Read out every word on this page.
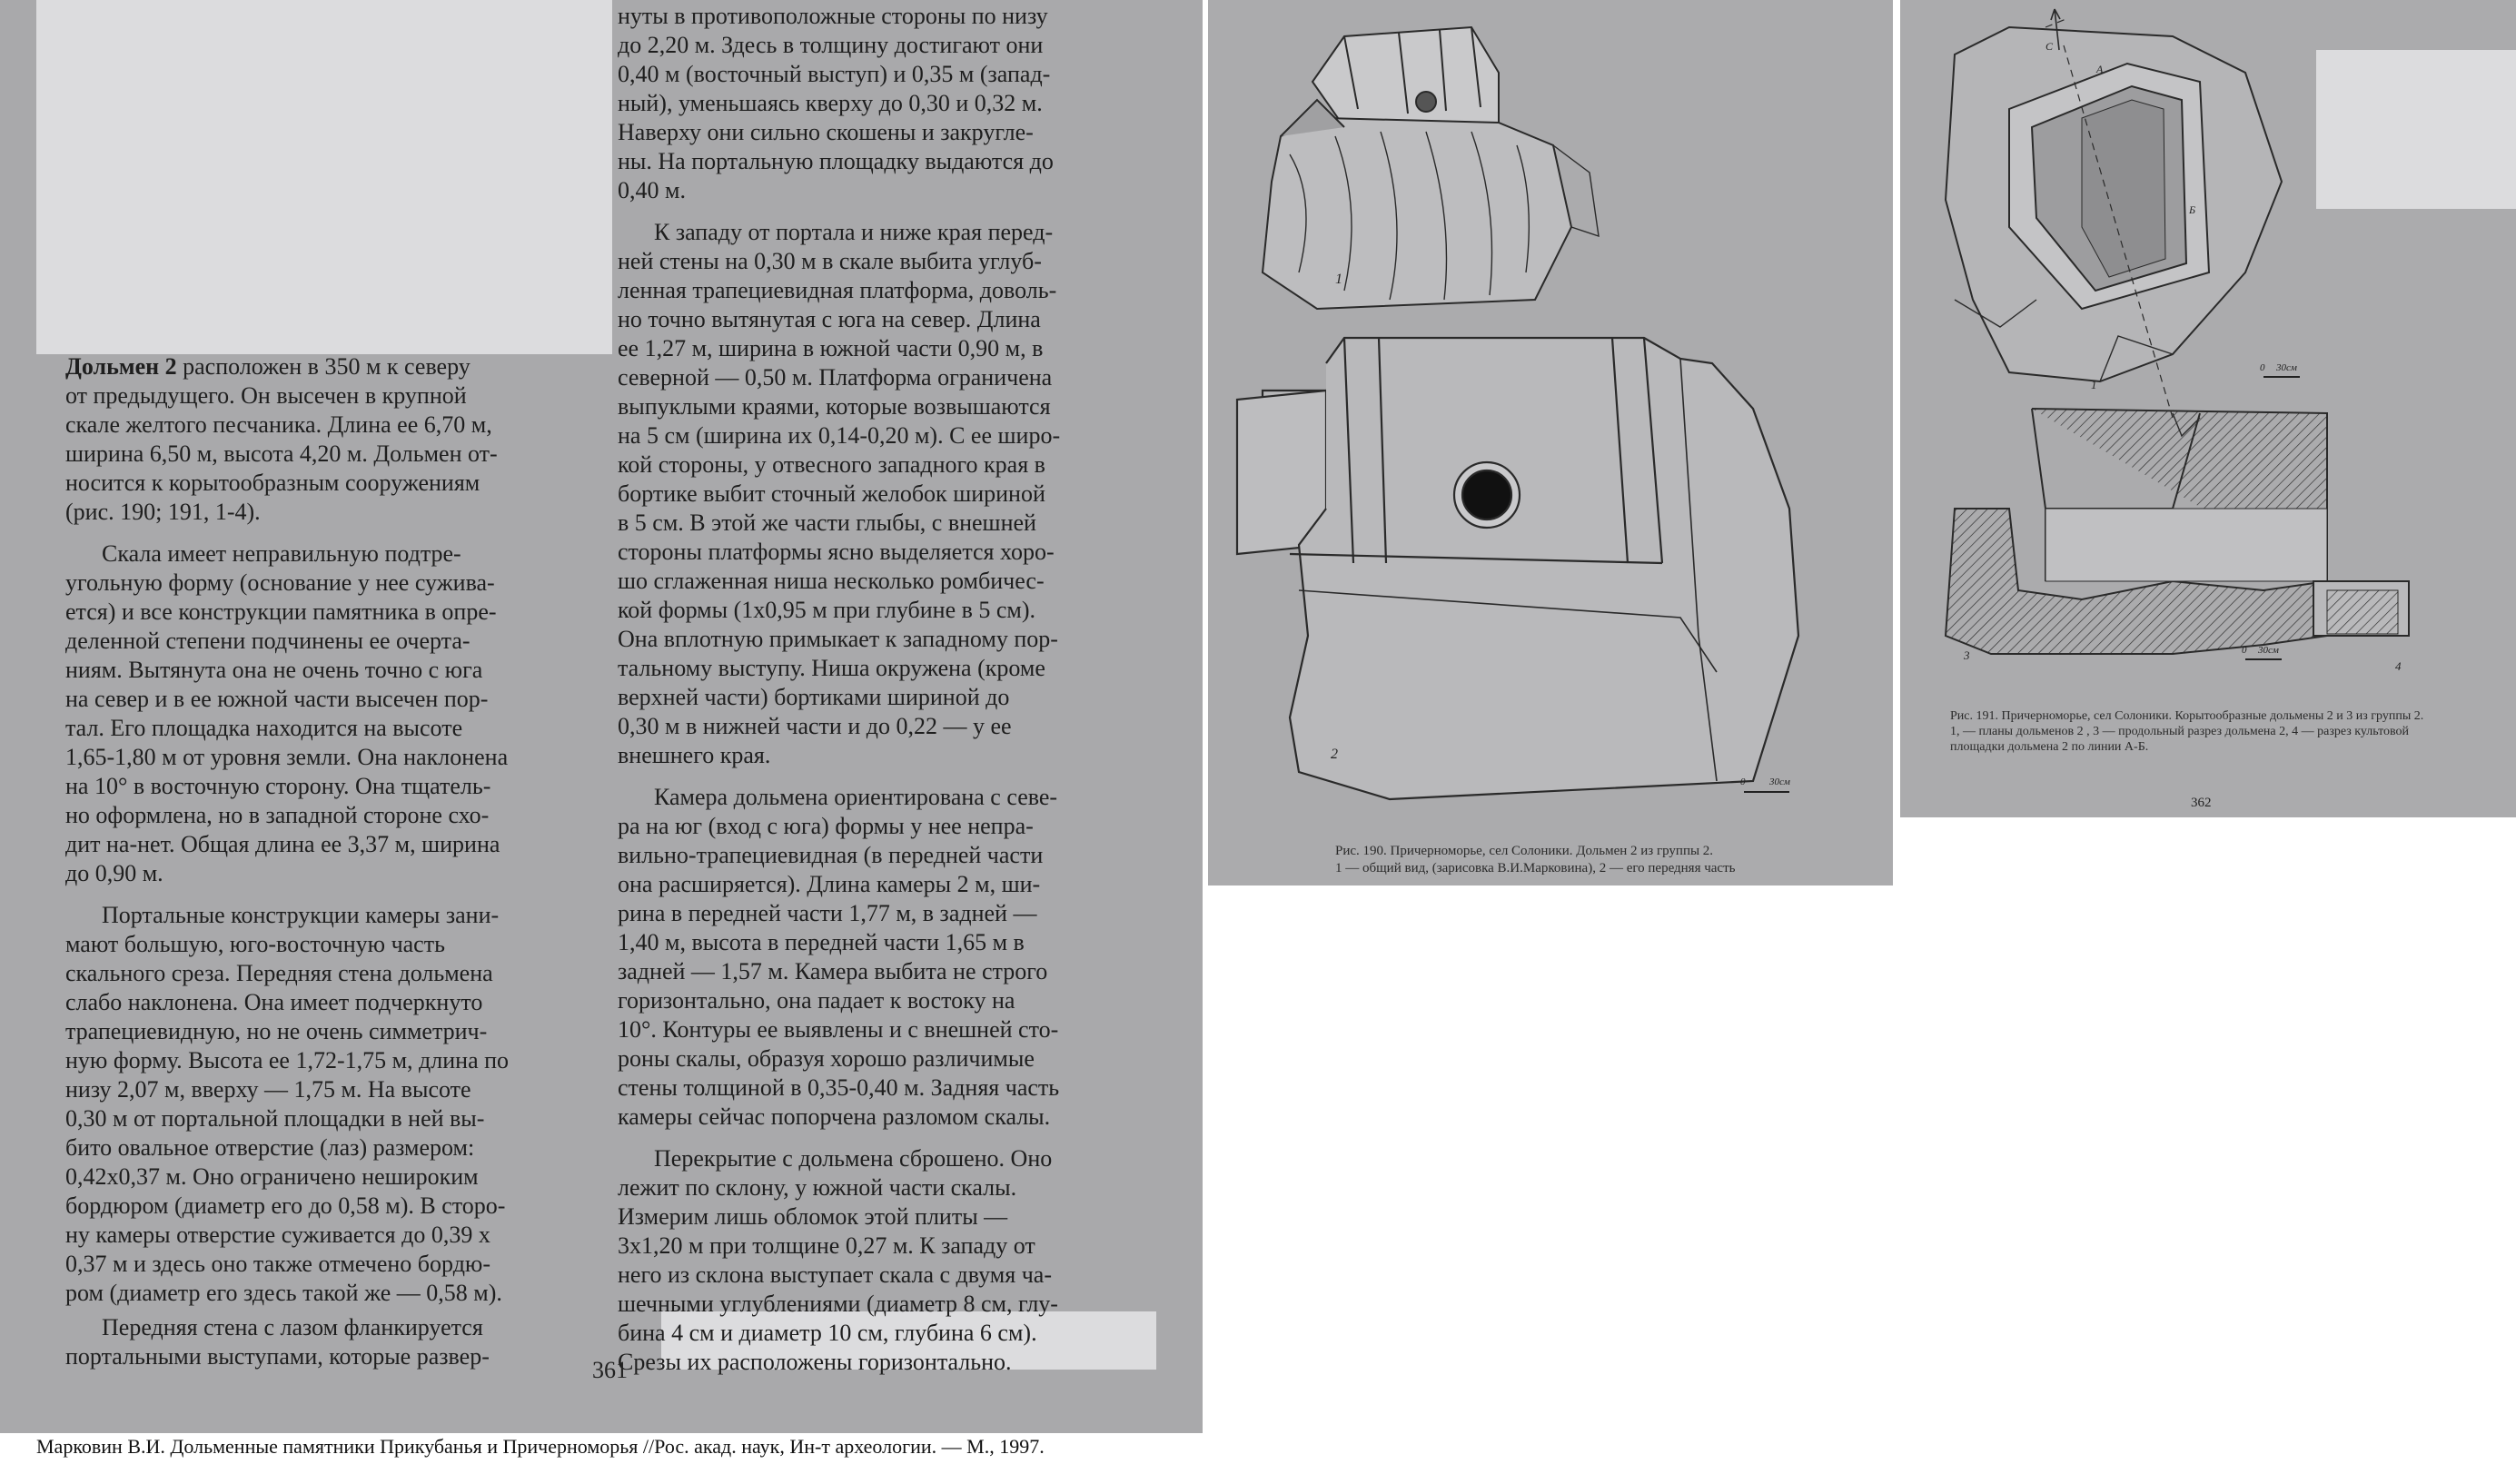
Дольмен 2 расположен в 350 м к северу

от предыдущего. Он высечен в крупной

скале желтого песчаника. Длина ее 6,70 м,

ширина 6,50 м, высота 4,20 м. Дольмен от-

носится к корытообразным сооружениям

(рис. 190; 191, 1-4).

Скала имеет неправильную подтре-

угольную форму (основание у нее сужива-

ется) и все конструкции памятника в опре-

деленной степени подчинены ее очерта-

ниям. Вытянута она не очень точно с юга

на север и в ее южной части высечен пор-

тал. Его площадка находится на высоте

1,65-1,80 м от уровня земли. Она наклонена

на 10° в восточную сторону. Она тщатель-

но оформлена, но в западной стороне схо-

дит на-нет. Общая длина ее 3,37 м, ширина

до 0,90 м.

Портальные конструкции камеры зани-

мают большую, юго-восточную часть

скального среза. Передняя стена дольмена

слабо наклонена. Она имеет подчеркнуто

трапециевидную, но не очень симметрич-

ную форму. Высота ее 1,72-1,75 м, длина по

низу 2,07 м, вверху — 1,75 м. На высоте

0,30 м от портальной площадки в ней вы-

бито овальное отверстие (лаз) размером:

0,42х0,37 м. Оно ограничено нешироким

бордюром (диаметр его до 0,58 м). В сторо-

ну камеры отверстие суживается до 0,39 х

0,37 м и здесь оно также отмечено бордю-

ром (диаметр его здесь такой же — 0,58 м).

Передняя стена с лазом фланкируется

портальными выступами, которые развер-

нуты в противоположные стороны по низу

до 2,20 м. Здесь в толщину достигают они

0,40 м (восточный выступ) и 0,35 м (запад-

ный), уменьшаясь кверху до 0,30 и 0,32 м.

Наверху они сильно скошены и закругле-

ны. На портальную площадку выдаются до

0,40 м.

К западу от портала и ниже края перед-

ней стены на 0,30 м в скале выбита углуб-

ленная трапециевидная платформа, доволь-

но точно вытянутая с юга на север. Длина

ее 1,27 м, ширина в южной части 0,90 м, в

северной — 0,50 м. Платформа ограничена

выпуклыми краями, которые возвышаются

на 5 см (ширина их 0,14-0,20 м). С ее широ-

кой стороны, у отвесного западного края в

бортике выбит сточный желобок шириной

в 5 см. В этой же части глыбы, с внешней

стороны платформы ясно выделяется хоро-

шо сглаженная ниша несколько ромбичес-

кой формы (1х0,95 м при глубине в 5 см).

Она вплотную примыкает к западному пор-

тальному выступу. Ниша окружена (кроме

верхней части) бортиками шириной до

0,30 м в нижней части и до 0,22 — у ее

внешнего края.

Камера дольмена ориентирована с севе-

ра на юг (вход с юга) формы у нее непра-

вильно-трапециевидная (в передней части

она расширяется). Длина камеры 2 м, ши-

рина в передней части 1,77 м, в задней —

1,40 м, высота в передней части 1,65 м в

задней — 1,57 м. Камера выбита не строго

горизонтально, она падает к востоку на

10°. Контуры ее выявлены и с внешней сто-

роны скалы, образуя хорошо различимые

стены толщиной в 0,35-0,40 м. Задняя часть

камеры сейчас попорчена разломом скалы.

Перекрытие с дольмена сброшено. Оно

лежит по склону, у южной части скалы.

Измерим лишь обломок этой плиты —

3х1,20 м при толщине 0,27 м. К западу от

него из склона выступает скала с двумя ча-

шечными углублениями (диаметр 8 см, глу-

бина 4 см и диаметр 10 см, глубина 6 см).

Срезы их расположены горизонтально.

361
1
2
0 30см
Рис. 190. Причерноморье, сел Солоники. Дольмен 2 из группы 2.
1 — общий вид, (зарисовка В.И.Марковина), 2 — его передняя часть
С
А
Б
1
0 30см
3
4
0 30см
Рис. 191. Причерноморье, сел Солоники. Корытообразные дольмены 2 и 3 из группы 2.
1, — планы дольменов 2 , 3 — продольный разрез дольмена 2, 4 — разрез культовой
площадки дольмена 2 по линии А-Б.
362
Марковин В.И. Дольменные памятники Прикубанья и Причерноморья //Рос. акад. наук, Ин-т археологии. — М., 1997.
